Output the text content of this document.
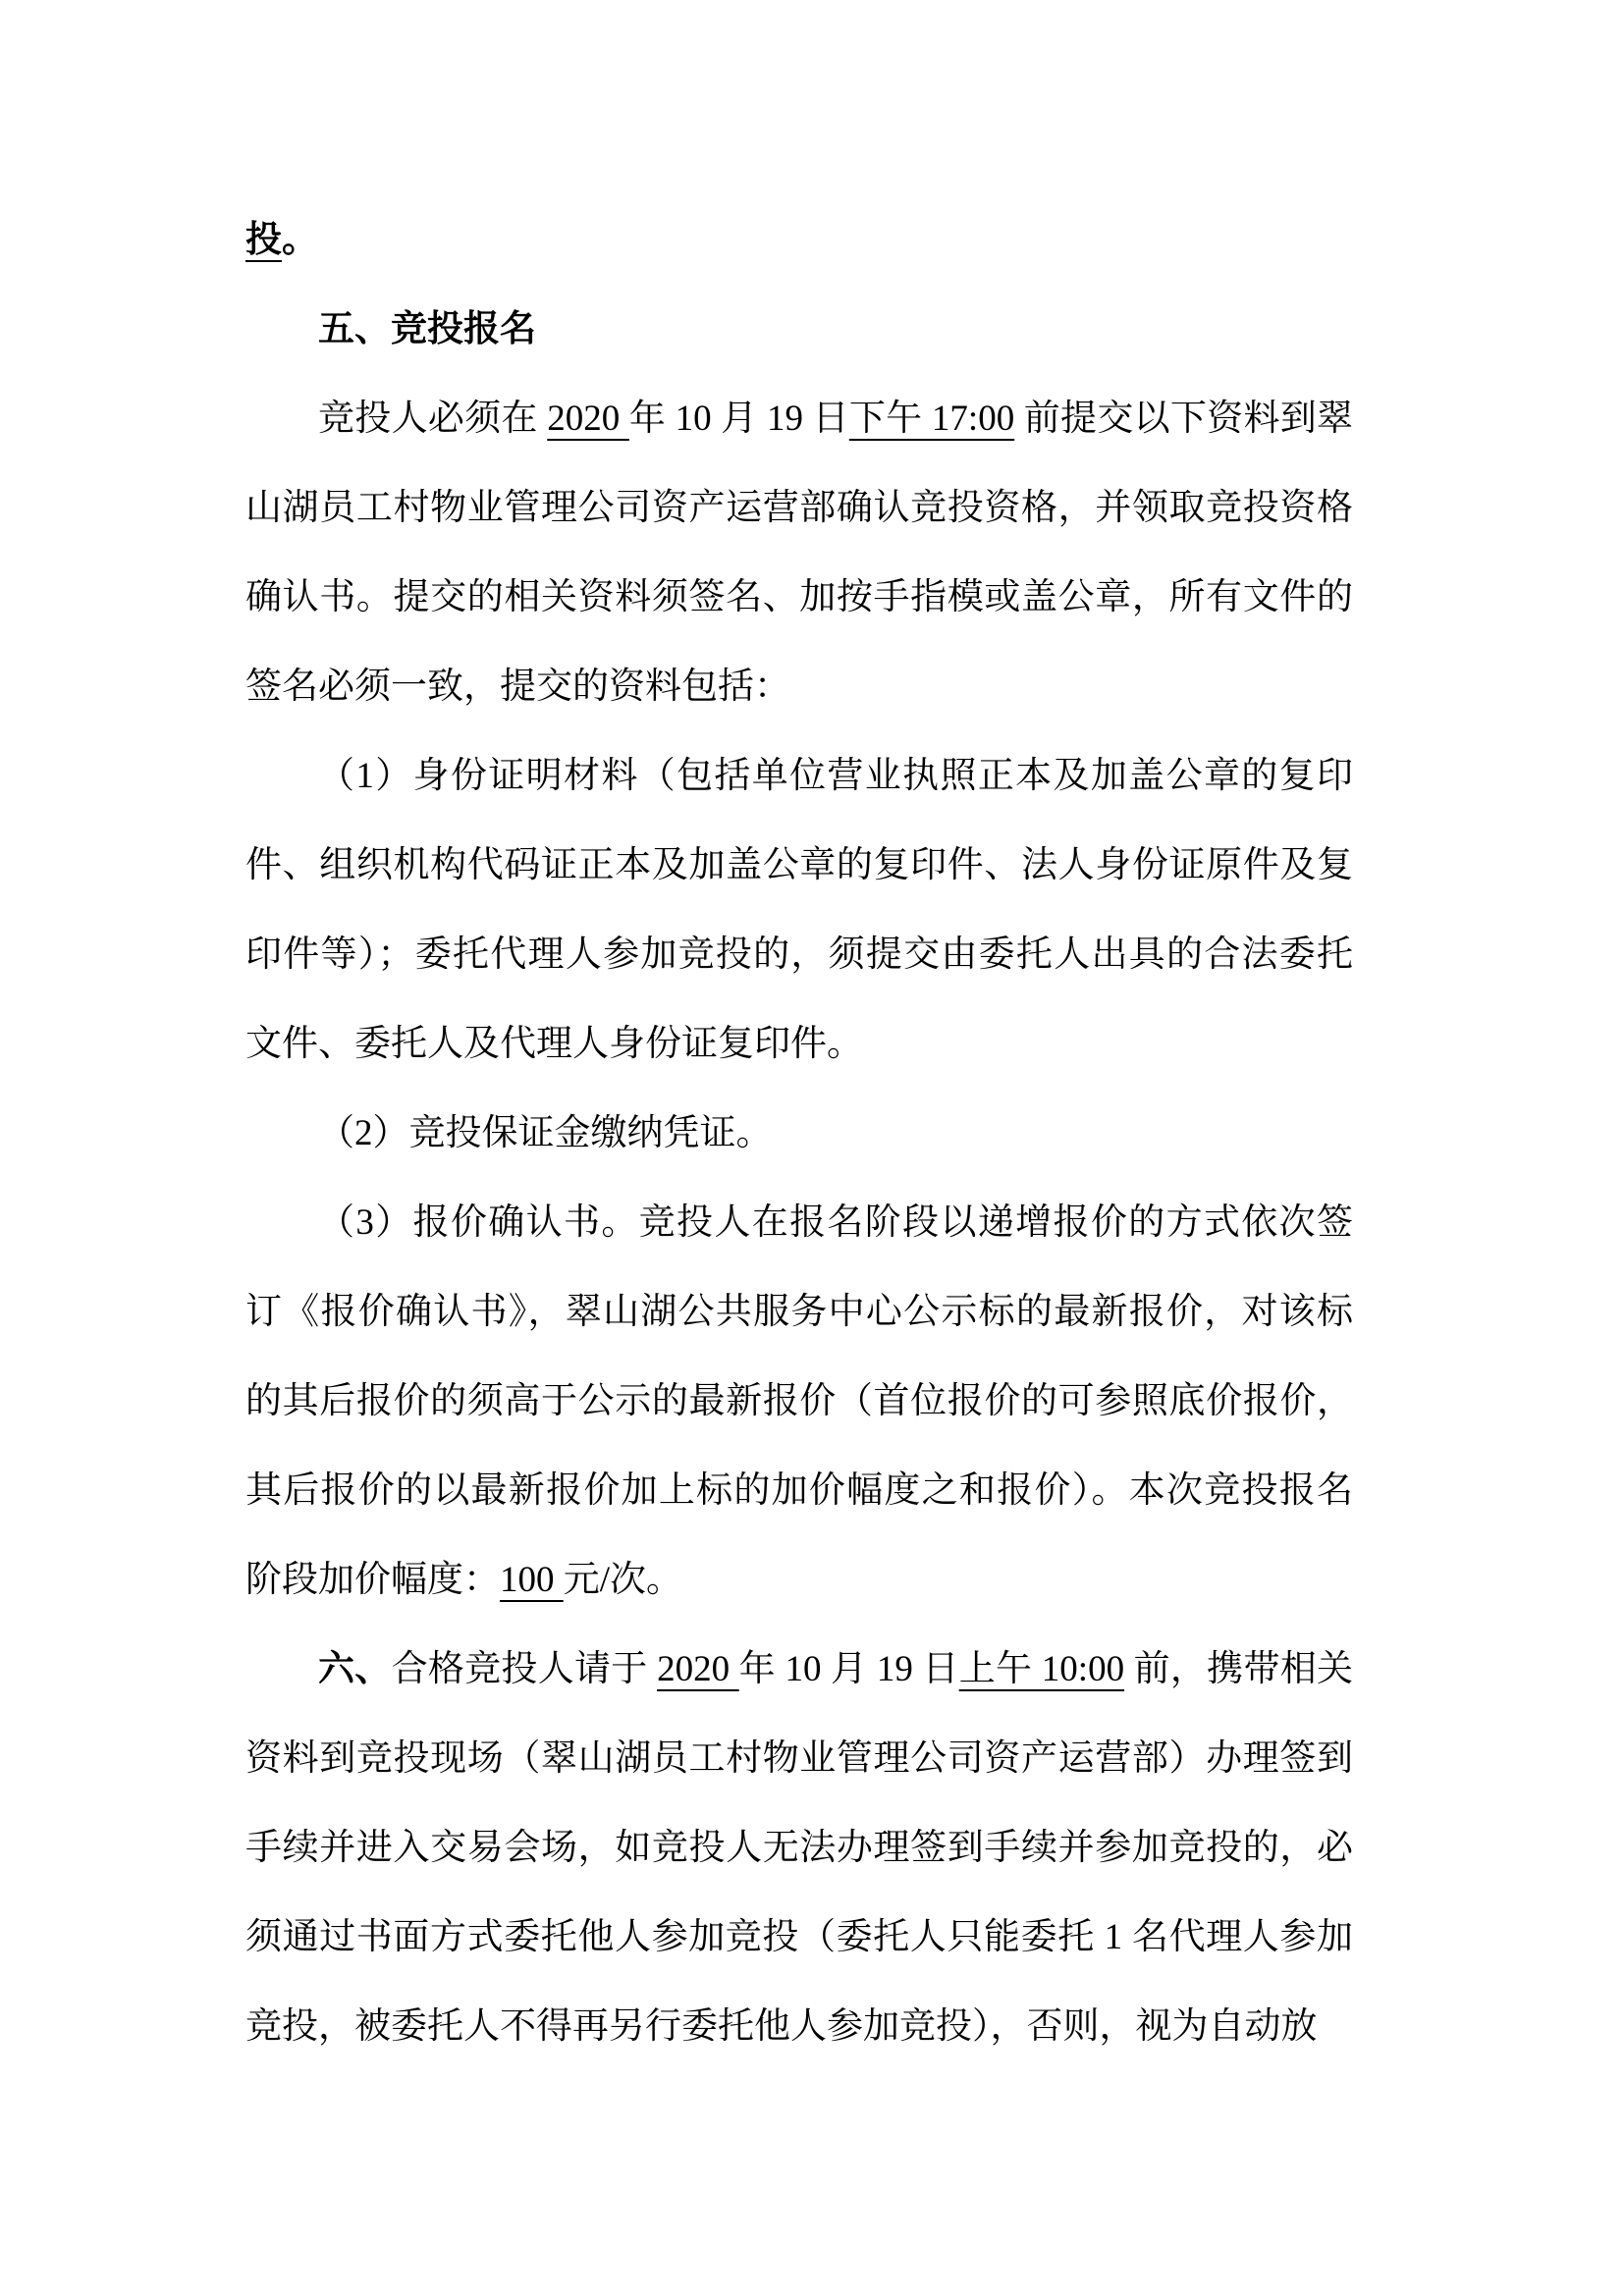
投。

五、竞投报名

竞投人必须在 2020 年 10 月 19 日下午 17:00 前提交以下资料到翠山湖员工村物业管理公司资产运营部确认竞投资格，并领取竞投资格确认书。提交的相关资料须签名、加按手指模或盖公章，所有文件的签名必须一致，提交的资料包括：

（1）身份证明材料（包括单位营业执照正本及加盖公章的复印件、组织机构代码证正本及加盖公章的复印件、法人身份证原件及复印件等）；委托代理人参加竞投的，须提交由委托人出具的合法委托文件、委托人及代理人身份证复印件。

（2）竞投保证金缴纳凭证。

（3）报价确认书。竞投人在报名阶段以递增报价的方式依次签订《报价确认书》，翠山湖公共服务中心公示标的最新报价，对该标的其后报价的须高于公示的最新报价（首位报价的可参照底价报价，其后报价的以最新报价加上标的加价幅度之和报价）。本次竞投报名阶段加价幅度：100 元/次。

六、合格竞投人请于 2020 年 10 月 19 日上午 10:00 前，携带相关资料到竞投现场（翠山湖员工村物业管理公司资产运营部）办理签到手续并进入交易会场，如竞投人无法办理签到手续并参加竞投的，必须通过书面方式委托他人参加竞投（委托人只能委托 1 名代理人参加竞投，被委托人不得再另行委托他人参加竞投），否则，视为自动放
